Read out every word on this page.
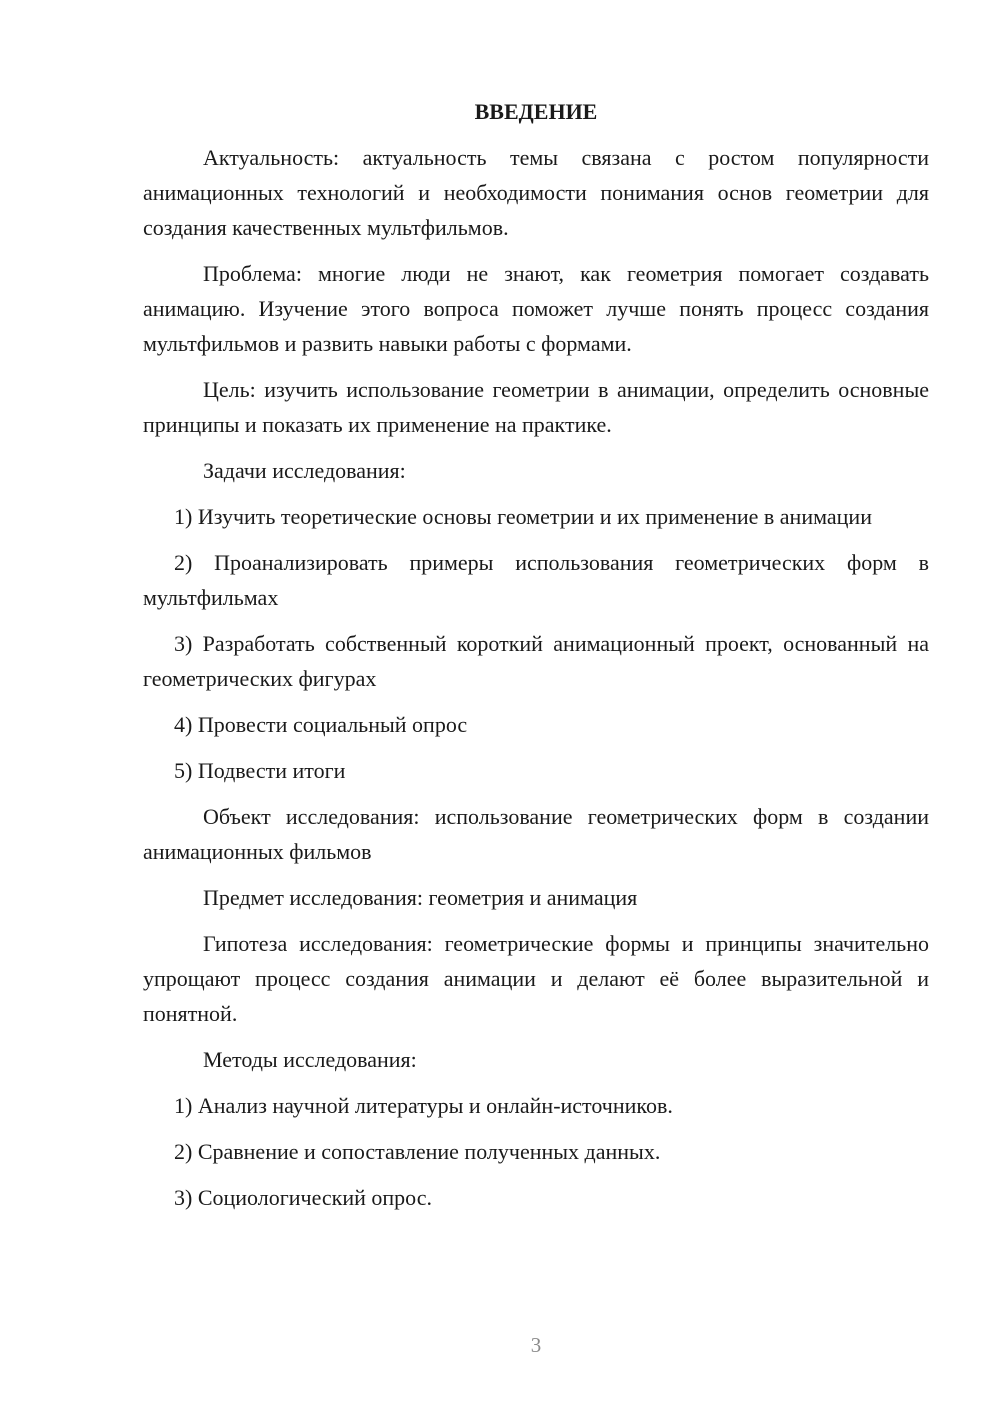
ВВЕДЕНИЕ
Актуальность: актуальность темы связана с ростом популярности анимационных технологий и необходимости понимания основ геометрии для создания качественных мультфильмов.
Проблема: многие люди не знают, как геометрия помогает создавать анимацию. Изучение этого вопроса поможет лучше понять процесс создания мультфильмов и развить навыки работы с формами.
Цель: изучить использование геометрии в анимации, определить основные принципы и показать их применение на практике.
Задачи исследования:
1) Изучить теоретические основы геометрии и их применение в анимации
2) Проанализировать примеры использования геометрических форм в мультфильмах
3) Разработать собственный короткий анимационный проект, основанный на геометрических фигурах
4) Провести социальный опрос
5) Подвести итоги
Объект исследования: использование геометрических форм в создании анимационных фильмов
Предмет исследования: геометрия и анимация
Гипотеза исследования: геометрические формы и принципы значительно упрощают процесс создания анимации и делают её более выразительной и понятной.
Методы исследования:
1) Анализ научной литературы и онлайн-источников.
2) Сравнение и сопоставление полученных данных.
3) Социологический опрос.
3
